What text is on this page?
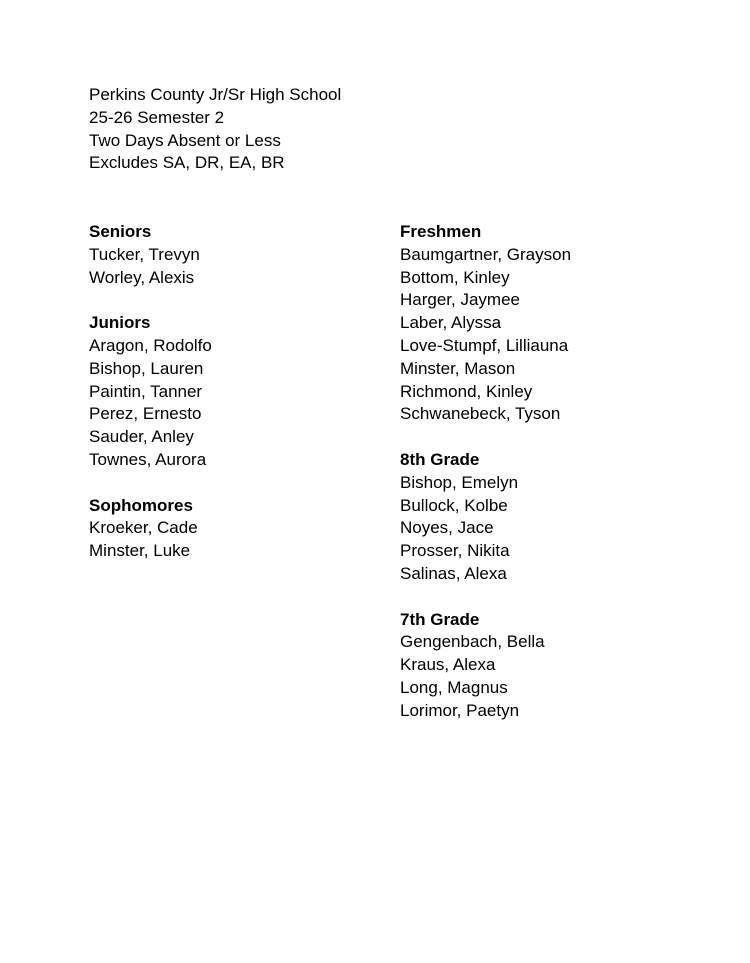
Perkins County Jr/Sr High School
25-26 Semester 2
Two Days Absent or Less
Excludes SA, DR, EA, BR
Seniors
Tucker, Trevyn
Worley, Alexis
Juniors
Aragon, Rodolfo
Bishop, Lauren
Paintin, Tanner
Perez, Ernesto
Sauder, Anley
Townes, Aurora
Sophomores
Kroeker, Cade
Minster, Luke
Freshmen
Baumgartner, Grayson
Bottom, Kinley
Harger, Jaymee
Laber, Alyssa
Love-Stumpf, Lilliauna
Minster, Mason
Richmond, Kinley
Schwanebeck, Tyson
8th Grade
Bishop, Emelyn
Bullock, Kolbe
Noyes, Jace
Prosser, Nikita
Salinas, Alexa
7th Grade
Gengenbach, Bella
Kraus, Alexa
Long, Magnus
Lorimor, Paetyn
